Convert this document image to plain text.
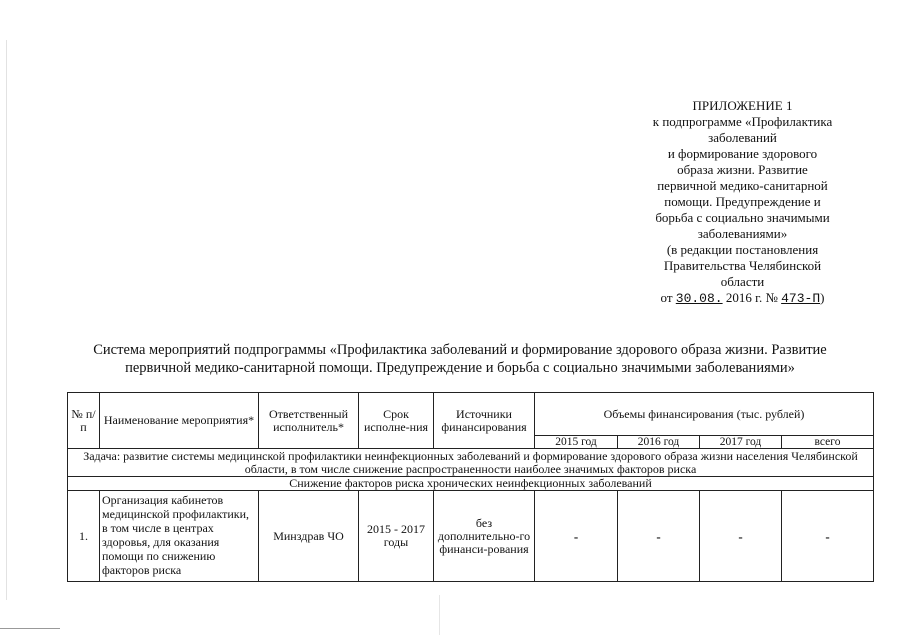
ПРИЛОЖЕНИЕ 1
к подпрограмме «Профилактика
заболеваний
и формирование здорового
образа жизни. Развитие
первичной медико-санитарной
помощи. Предупреждение и
борьба с социально значимыми
заболеваниями»
(в редакции постановления
Правительства Челябинской
области
от 30.08. 2016 г. № 473-П)
Система мероприятий подпрограммы «Профилактика заболеваний и формирование здорового образа жизни. Развитие
первичной медико-санитарной помощи. Предупреждение и борьба с социально значимыми заболеваниями»
№ п/п	Наименование мероприятия*	Ответственный исполнитель*	Срок исполне-ния	Источники финансирования	Объемы финансирования (тыс. рублей)			
					2015 год	2016 год	2017 год	всего
Задача: развитие системы медицинской профилактики неинфекционных заболеваний и формирование здорового образа жизни населения Челябинской области, в том числе снижение распространенности наиболее значимых факторов риска								
Снижение факторов риска хронических неинфекционных заболеваний								
1.	Организация кабинетов медицинской профилактики, в том числе в центрах здоровья, для оказания помощи по снижению факторов риска	Минздрав ЧО	2015 - 2017 годы	без дополнительно-го финанси-рования	-	-	-	-
